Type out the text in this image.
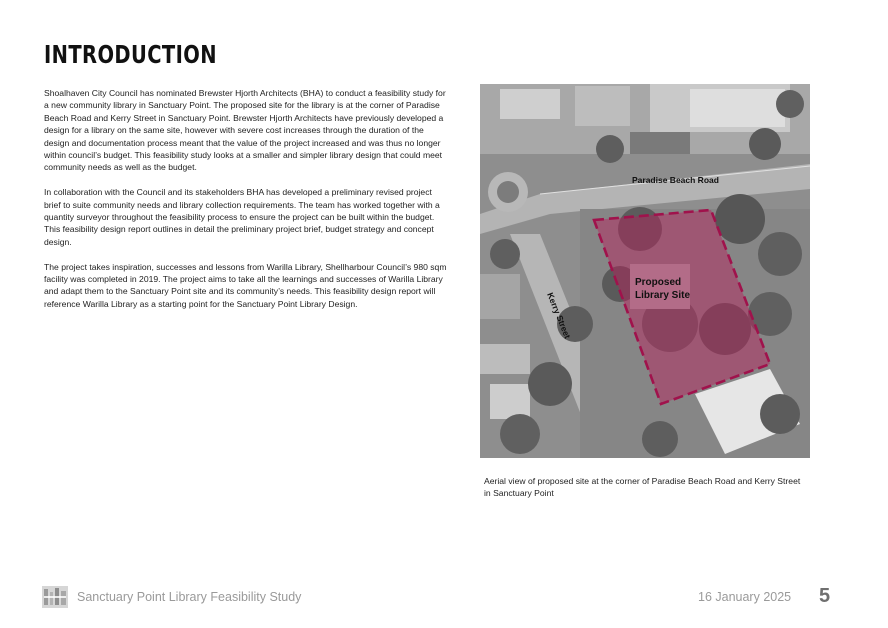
INTRODUCTION

Shoalhaven City Council has nominated Brewster Hjorth Architects (BHA) to conduct a feasibility study for a new community library in Sanctuary Point. The proposed site for the library is at the corner of Paradise Beach Road and Kerry Street in Sanctuary Point. Brewster Hjorth Architects have previously developed a design for a library on the same site, however with severe cost increases through the duration of the design and documentation process meant that the value of the project increased and was thus no longer within council’s budget. This feasibility study looks at a smaller and simpler library design that could meet community needs as well as the budget.

In collaboration with the Council and its stakeholders BHA has developed a preliminary revised project brief to suite community needs and library collection requirements. The team has worked together with a quantity surveyor throughout the feasibility process to ensure the project can be built within the budget. This feasibility design report outlines in detail the preliminary project brief, budget strategy and concept design.

The project takes inspiration, successes and lessons from Warilla Library, Shellharbour Council’s 980 sqm facility was completed in 2019. The project aims to take all the learnings and successes of Warilla Library and adapt them to the Sanctuary Point site and its community’s needs. This feasibility design report will reference Warilla Library as a starting point for the Sanctuary Point Library Design.

Paradise Beach Road
Kerry Street
Proposed
Library Site
Aerial view of proposed site at the corner of Paradise Beach Road and Kerry Street in Sanctuary Point
Sanctuary Point Library Feasibility Study	16 January 2025 5
